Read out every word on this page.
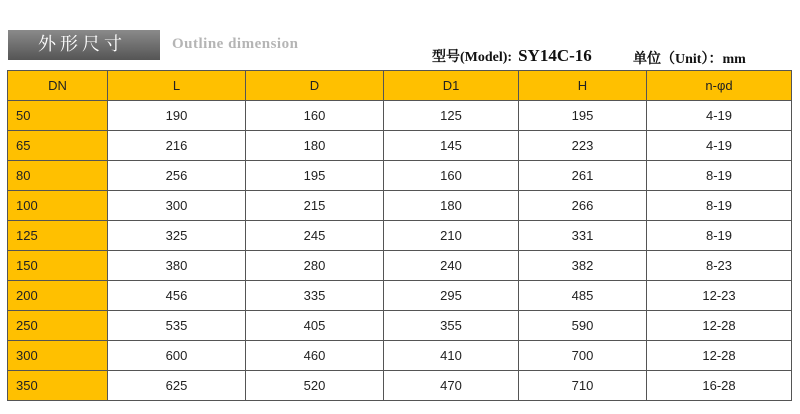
外形尺寸	Outline dimension
型号(Model): SY14C-16	单位（Unit）：mm
DN	L	D	D1	H	n-φd
50	190	160	125	195	4-19
65	216	180	145	223	4-19
80	256	195	160	261	8-19
100	300	215	180	266	8-19
125	325	245	210	331	8-19
150	380	280	240	382	8-23
200	456	335	295	485	12-23
250	535	405	355	590	12-28
300	600	460	410	700	12-28
350	625	520	470	710	16-28
